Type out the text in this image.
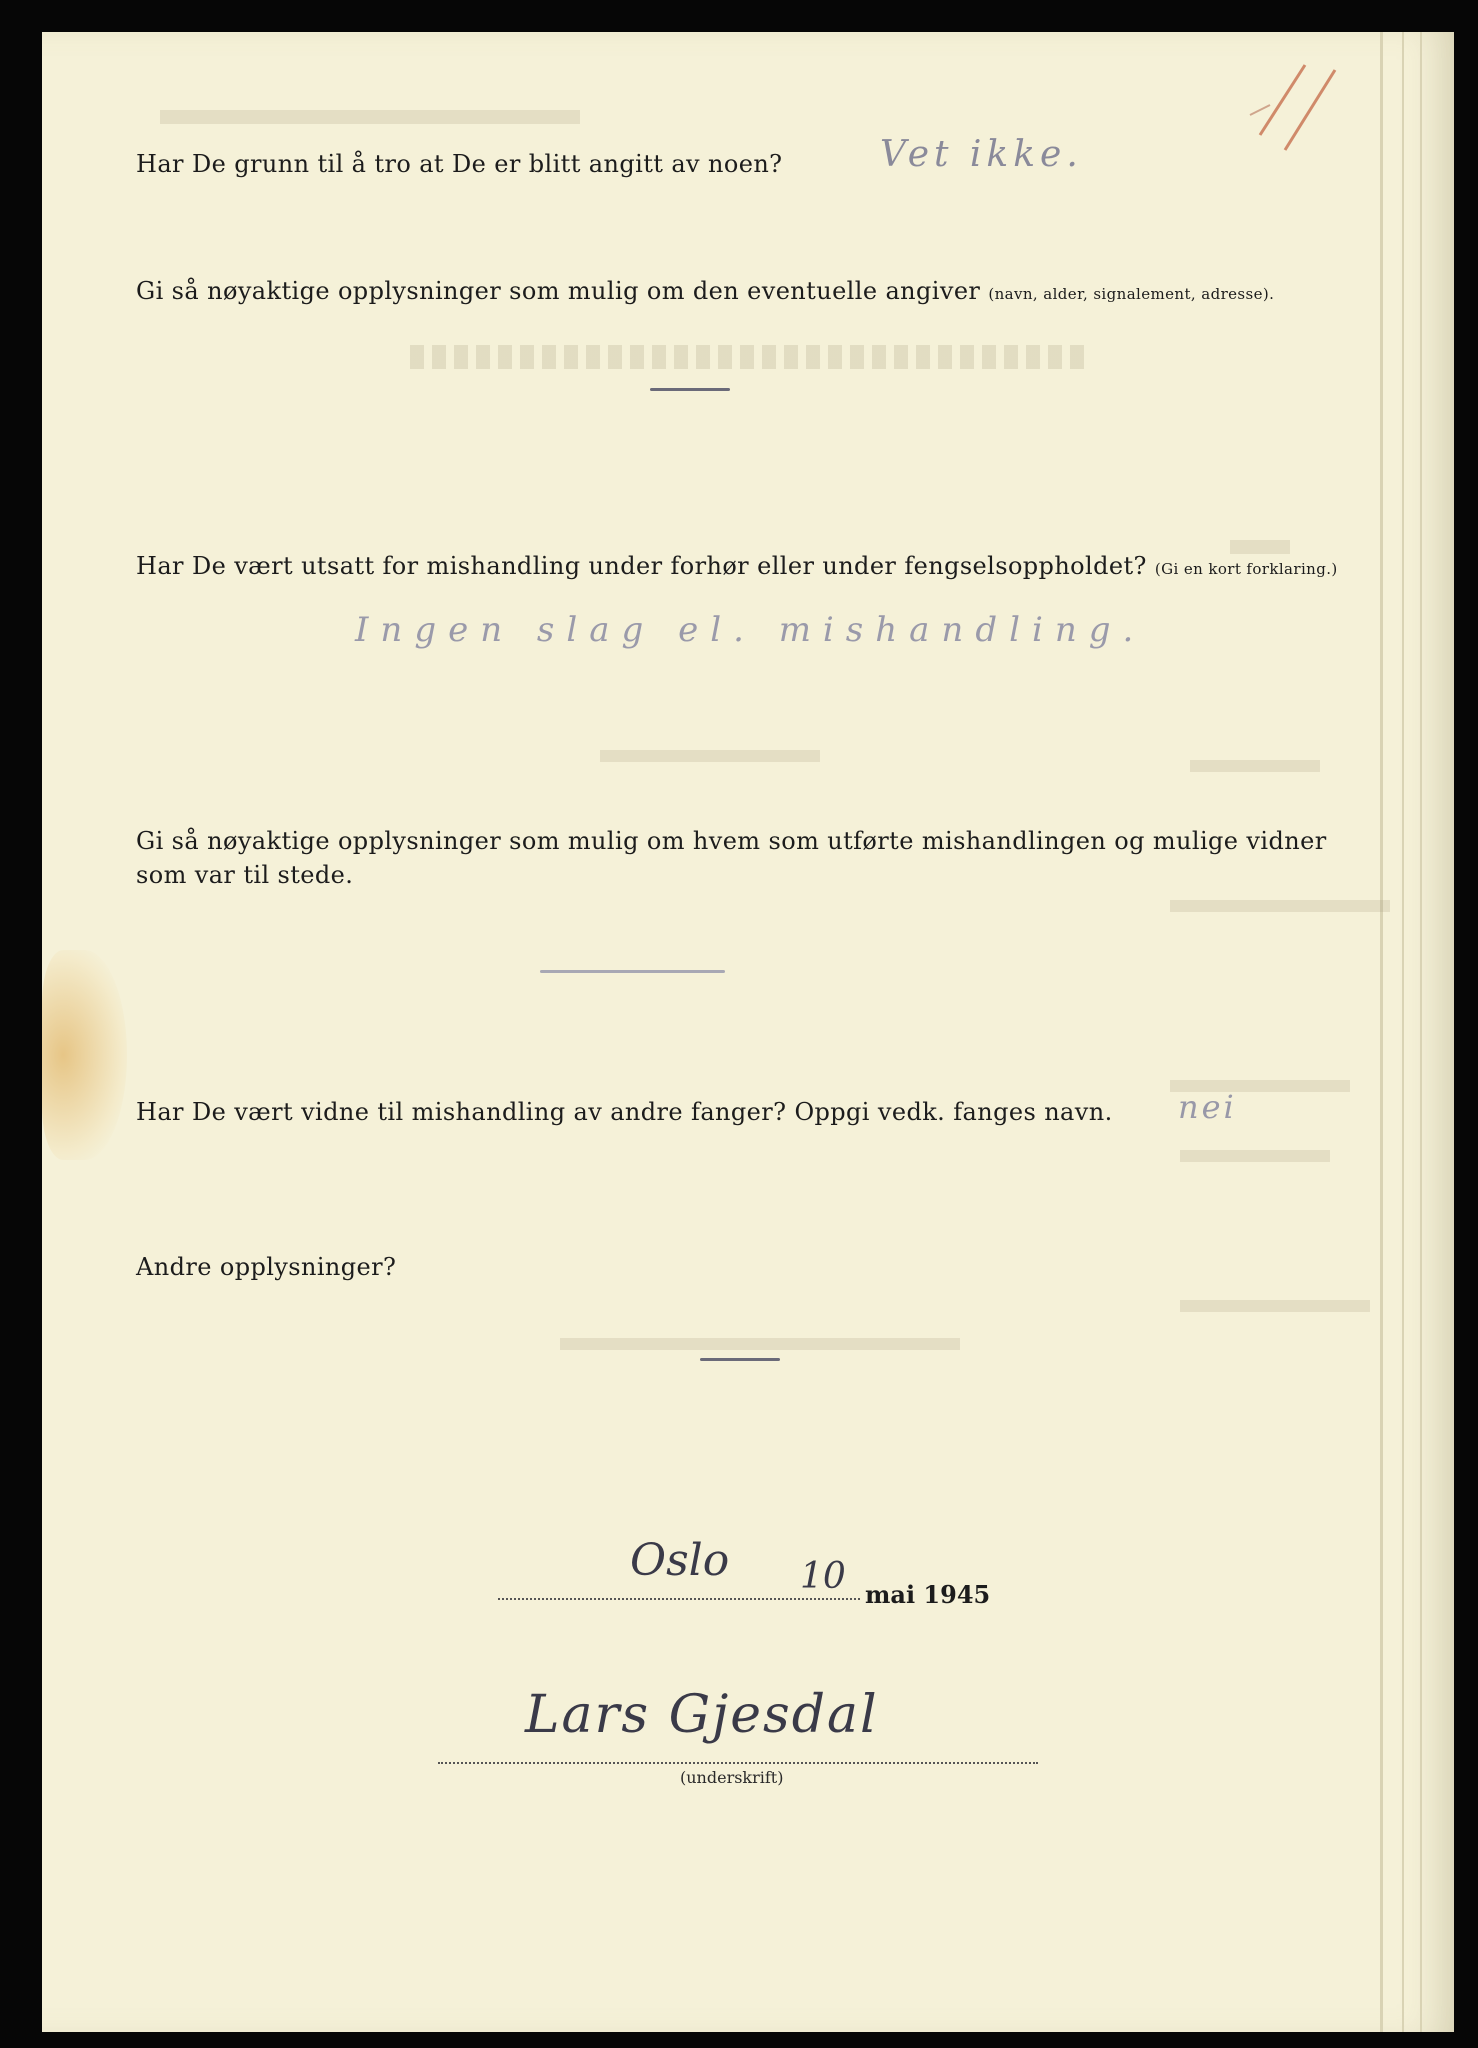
Har De grunn til å tro at De er blitt angitt av noen?	Vet ikke.
Gi så nøyaktige opplysninger som mulig om den eventuelle angiver (navn, alder, signalement, adresse).
Har De vært utsatt for mishandling under forhør eller under fengselsoppholdet? (Gi en kort forklaring.)
Ingen slag el. mishandling.
Gi så nøyaktige opplysninger som mulig om hvem som utførte mishandlingen og mulige vidner som var til stede.
Har De vært vidne til mishandling av andre fanger? Oppgi vedk. fanges navn. nei
Andre opplysninger?
Oslo 10 mai 1945
Lars Gjesdal
(underskrift)
